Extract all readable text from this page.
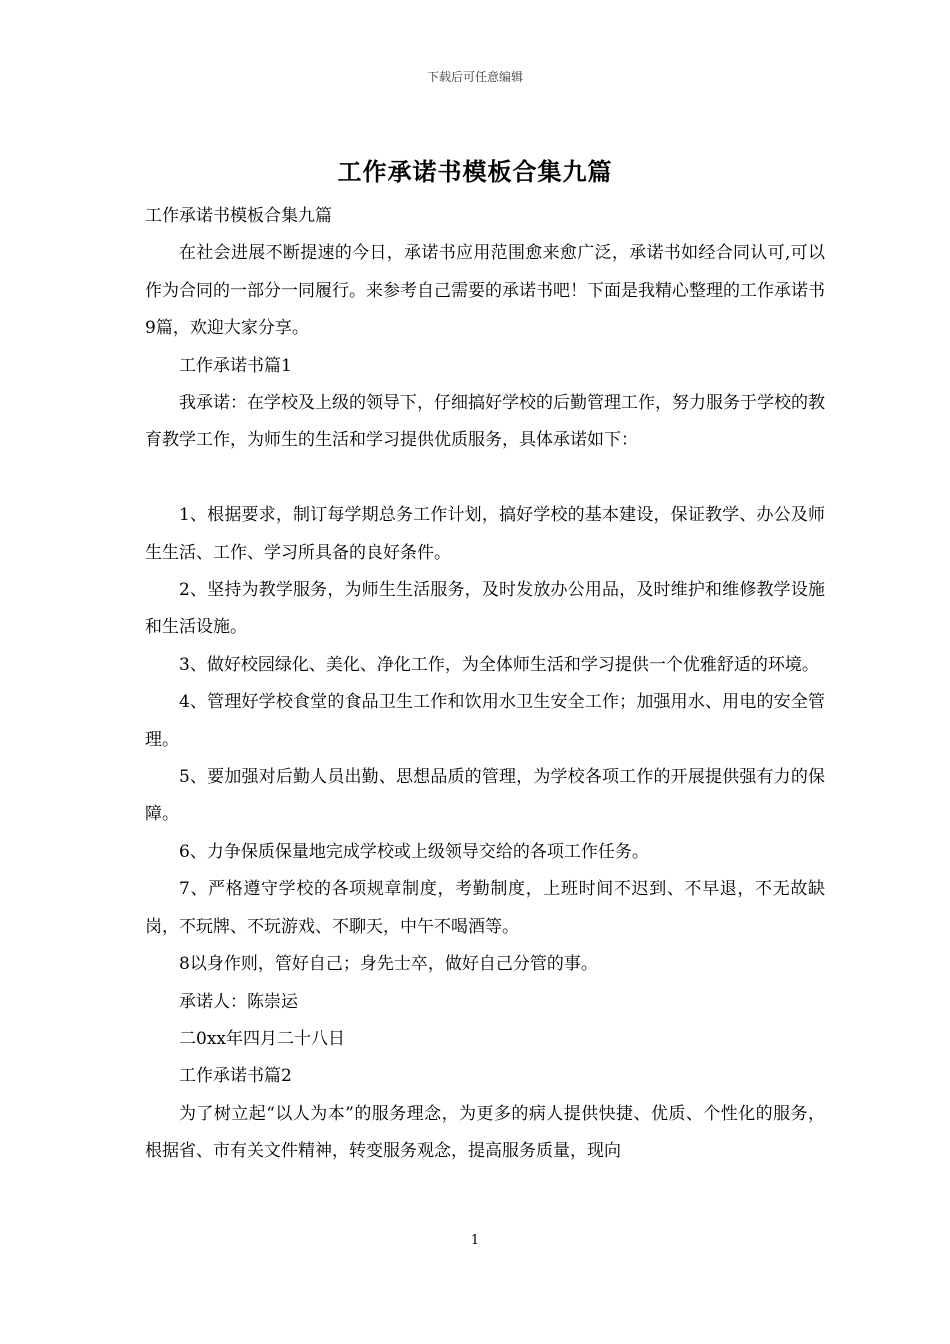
下载后可任意编辑
工作承诺书模板合集九篇

工作承诺书模板合集九篇

在社会进展不断提速的今日，承诺书应用范围愈来愈广泛，承诺书如经合同认可,可以作为合同的一部分一同履行。来参考自己需要的承诺书吧！下面是我精心整理的工作承诺书9篇，欢迎大家分享。

工作承诺书篇1

我承诺：在学校及上级的领导下，仔细搞好学校的后勤管理工作，努力服务于学校的教育教学工作，为师生的生活和学习提供优质服务，具体承诺如下：

1、根据要求，制订每学期总务工作计划，搞好学校的基本建设，保证教学、办公及师生生活、工作、学习所具备的良好条件。

2、坚持为教学服务，为师生生活服务，及时发放办公用品，及时维护和维修教学设施和生活设施。

3、做好校园绿化、美化、净化工作，为全体师生活和学习提供一个优雅舒适的环境。

4、管理好学校食堂的食品卫生工作和饮用水卫生安全工作；加强用水、用电的安全管理。

5、要加强对后勤人员出勤、思想品质的管理，为学校各项工作的开展提供强有力的保障。

6、力争保质保量地完成学校或上级领导交给的各项工作任务。

7、严格遵守学校的各项规章制度，考勤制度，上班时间不迟到、不早退，不无故缺岗，不玩牌、不玩游戏、不聊天，中午不喝酒等。

8以身作则，管好自己；身先士卒，做好自己分管的事。

承诺人：陈崇运

二0xx年四月二十八日

工作承诺书篇2

为了树立起“以人为本”的服务理念，为更多的病人提供快捷、优质、个性化的服务，根据省、市有关文件精神，转变服务观念，提高服务质量，现向

1
